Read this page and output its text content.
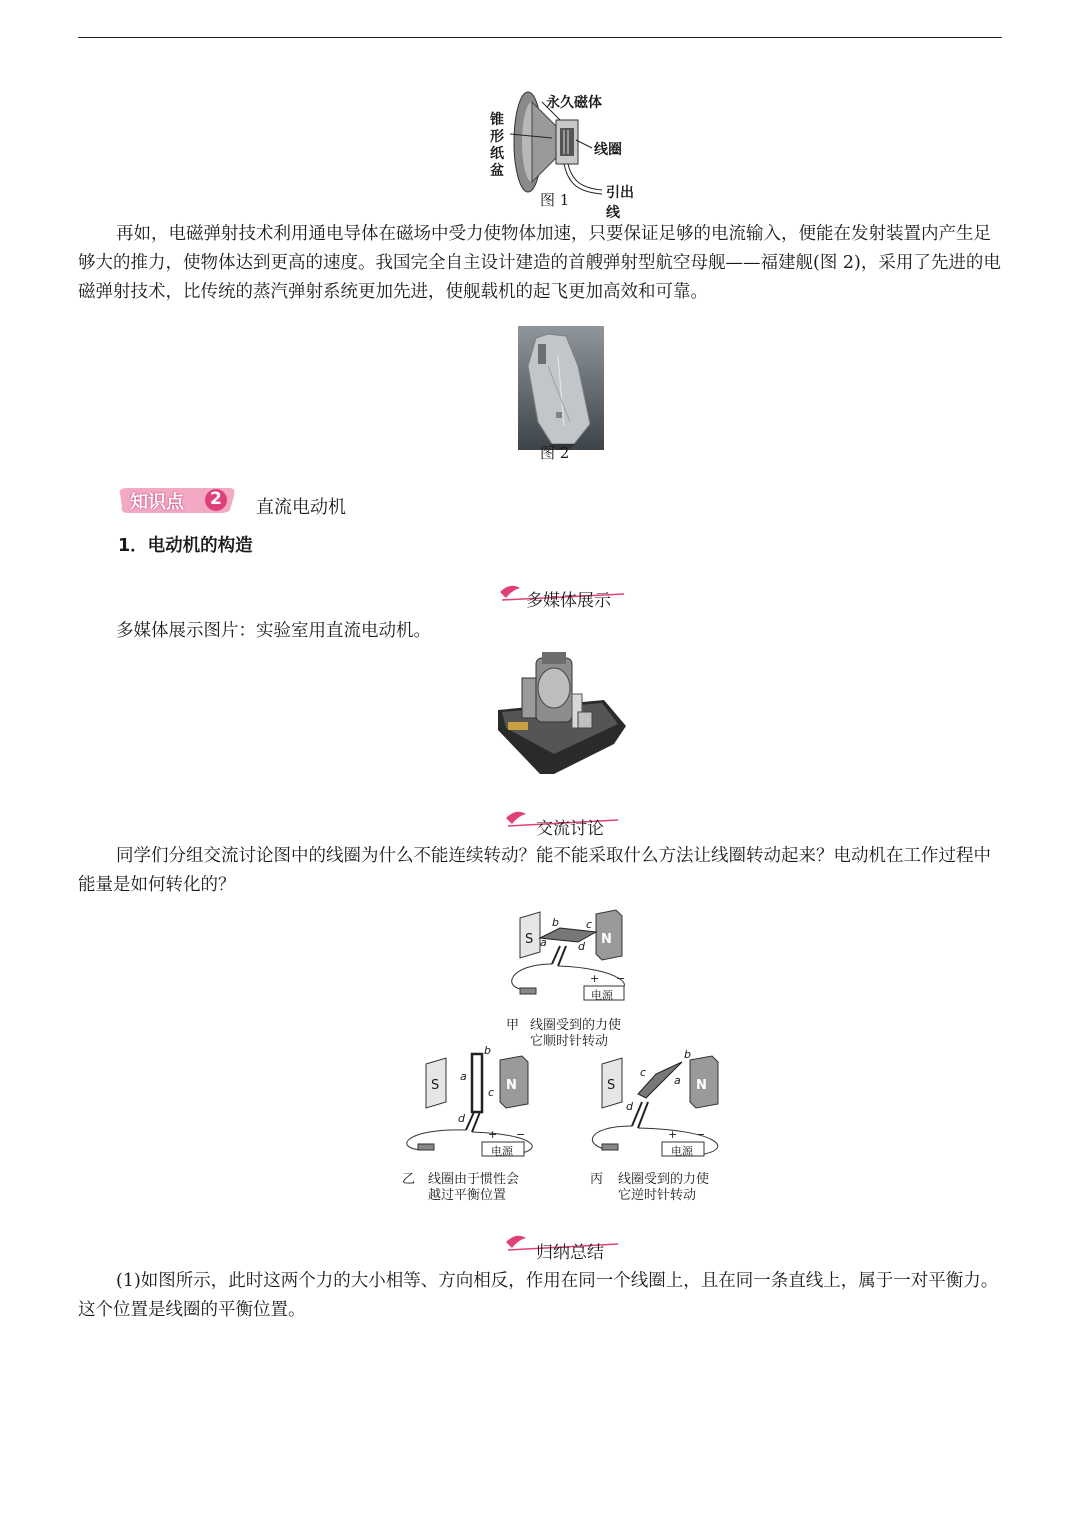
永久磁体
锥形纸盆
线圈
引出线
图 1

再如，电磁弹射技术利用通电导体在磁场中受力使物体加速，只要保证足够的电流输入，便能在发射装置内产生足够大的推力，使物体达到更高的速度。我国完全自主设计建造的首艘弹射型航空母舰——福建舰(图 2)，采用了先进的电磁弹射技术，比传统的蒸汽弹射系统更加先进，使舰载机的起飞更加高效和可靠。

图 2
知识点 2 直流电动机
1．电动机的构造
多媒体展示

多媒体展示图片：实验室用直流电动机。

交流讨论

同学们分组交流讨论图中的线圈为什么不能连续转动？能不能采取什么方法让线圈转动起来？电动机在工作过程中能量是如何转化的？

S	N
a
b c
d
+ −
电源
甲 线圈受到的力使
它顺时针转动
S	N
a
b
c
d
+ −
电源
乙 线圈由于惯性会
越过平衡位置
S	N
a
b
c
d
+ −
电源
丙 线圈受到的力使
它逆时针转动
归纳总结

(1)如图所示，此时这两个力的大小相等、方向相反，作用在同一个线圈上，且在同一条直线上，属于一对平衡力。这个位置是线圈的平衡位置。
